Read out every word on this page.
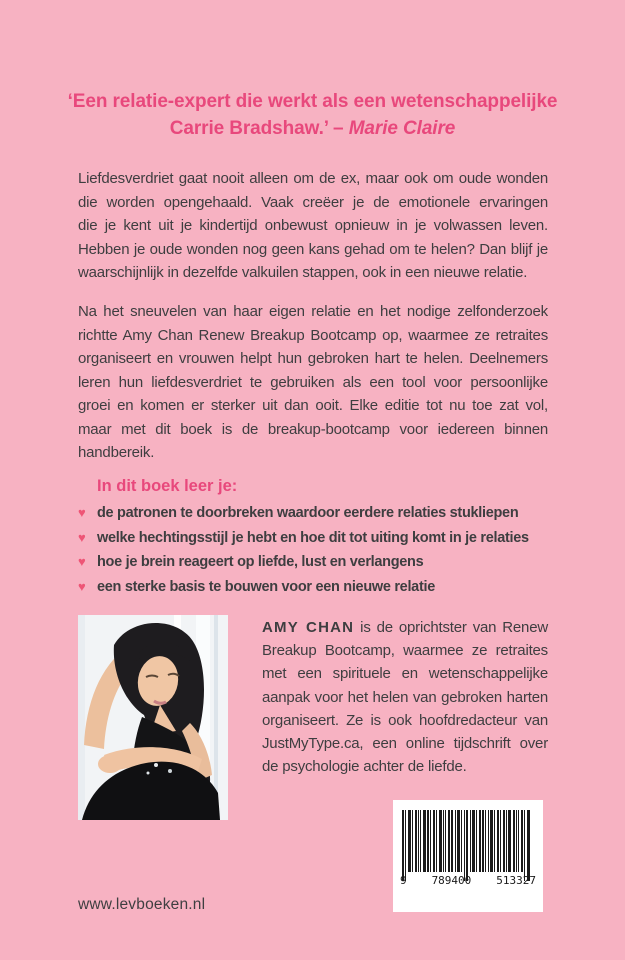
‘Een relatie-expert die werkt als een wetenschappelijke
Carrie Bradshaw.’ – Marie Claire
Liefdesverdriet gaat nooit alleen om de ex, maar ook om oude wonden
die worden opengehaald. Vaak creëer je de emotionele ervaringen
die je kent uit je kindertijd onbewust opnieuw in je volwassen leven.
Hebben je oude wonden nog geen kans gehad om te helen? Dan blijf je
waarschijnlijk in dezelfde valkuilen stappen, ook in een nieuwe relatie.
Na het sneuvelen van haar eigen relatie en het nodige zelfonderzoek
richtte Amy Chan Renew Breakup Bootcamp op, waarmee ze retraites
organiseert en vrouwen helpt hun gebroken hart te helen. Deelnemers
leren hun liefdesverdriet te gebruiken als een tool voor persoonlijke
groei en komen er sterker uit dan ooit. Elke editie tot nu toe zat vol,
maar met dit boek is de breakup-bootcamp voor iedereen binnen
handbereik.
In dit boek leer je:
♥ de patronen te doorbreken waardoor eerdere relaties stukliepen
♥ welke hechtingsstijl je hebt en hoe dit tot uiting komt in je relaties
♥ hoe je brein reageert op liefde, lust en verlangens
♥ een sterke basis te bouwen voor een nieuwe relatie
AMY CHAN is de oprichtster van Renew
Breakup Bootcamp, waarmee ze retraites
met een spirituele en wetenschappelijke
aanpak voor het helen van gebroken harten
organiseert. Ze is ook hoofdredacteur van
JustMyType.ca, een online tijdschrift over
de psychologie achter de liefde.
www.levboeken.nl
9 789400 513327
